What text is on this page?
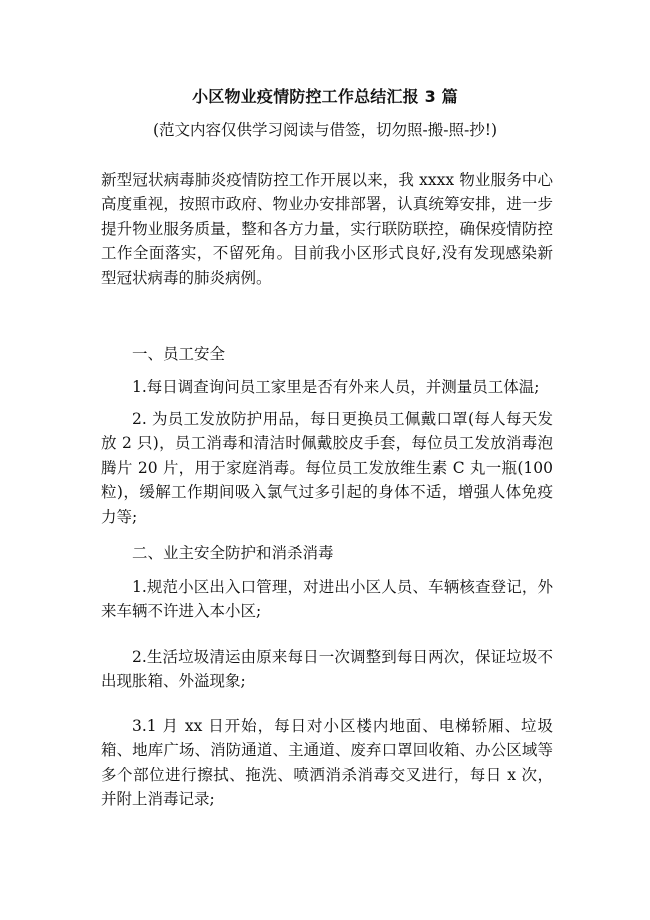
小区物业疫情防控工作总结汇报 3 篇
(范文内容仅供学习阅读与借签，切勿照-搬-照-抄!)

新型冠状病毒肺炎疫情防控工作开展以来，我 xxxx 物业服务中心高度重视，按照市政府、物业办安排部署，认真统筹安排，进一步提升物业服务质量，整和各方力量，实行联防联控，确保疫情防控工作全面落实，不留死角。目前我小区形式良好,没有发现感染新型冠状病毒的肺炎病例。

一、员工安全

1.每日调查询问员工家里是否有外来人员，并测量员工体温;

2. 为员工发放防护用品，每日更换员工佩戴口罩(每人每天发放 2 只)，员工消毒和清洁时佩戴胶皮手套，每位员工发放消毒泡腾片 20 片，用于家庭消毒。每位员工发放维生素 C 丸一瓶(100 粒)，缓解工作期间吸入氯气过多引起的身体不适，增强人体免疫力等;

二、业主安全防护和消杀消毒

1.规范小区出入口管理，对进出小区人员、车辆核查登记，外来车辆不许进入本小区;

2.生活垃圾清运由原来每日一次调整到每日两次，保证垃圾不出现胀箱、外溢现象;

3.1 月 xx 日开始，每日对小区楼内地面、电梯轿厢、垃圾箱、地库广场、消防通道、主通道、废弃口罩回收箱、办公区域等多个部位进行擦拭、拖洗、喷洒消杀消毒交叉进行，每日 x 次，并附上消毒记录;
